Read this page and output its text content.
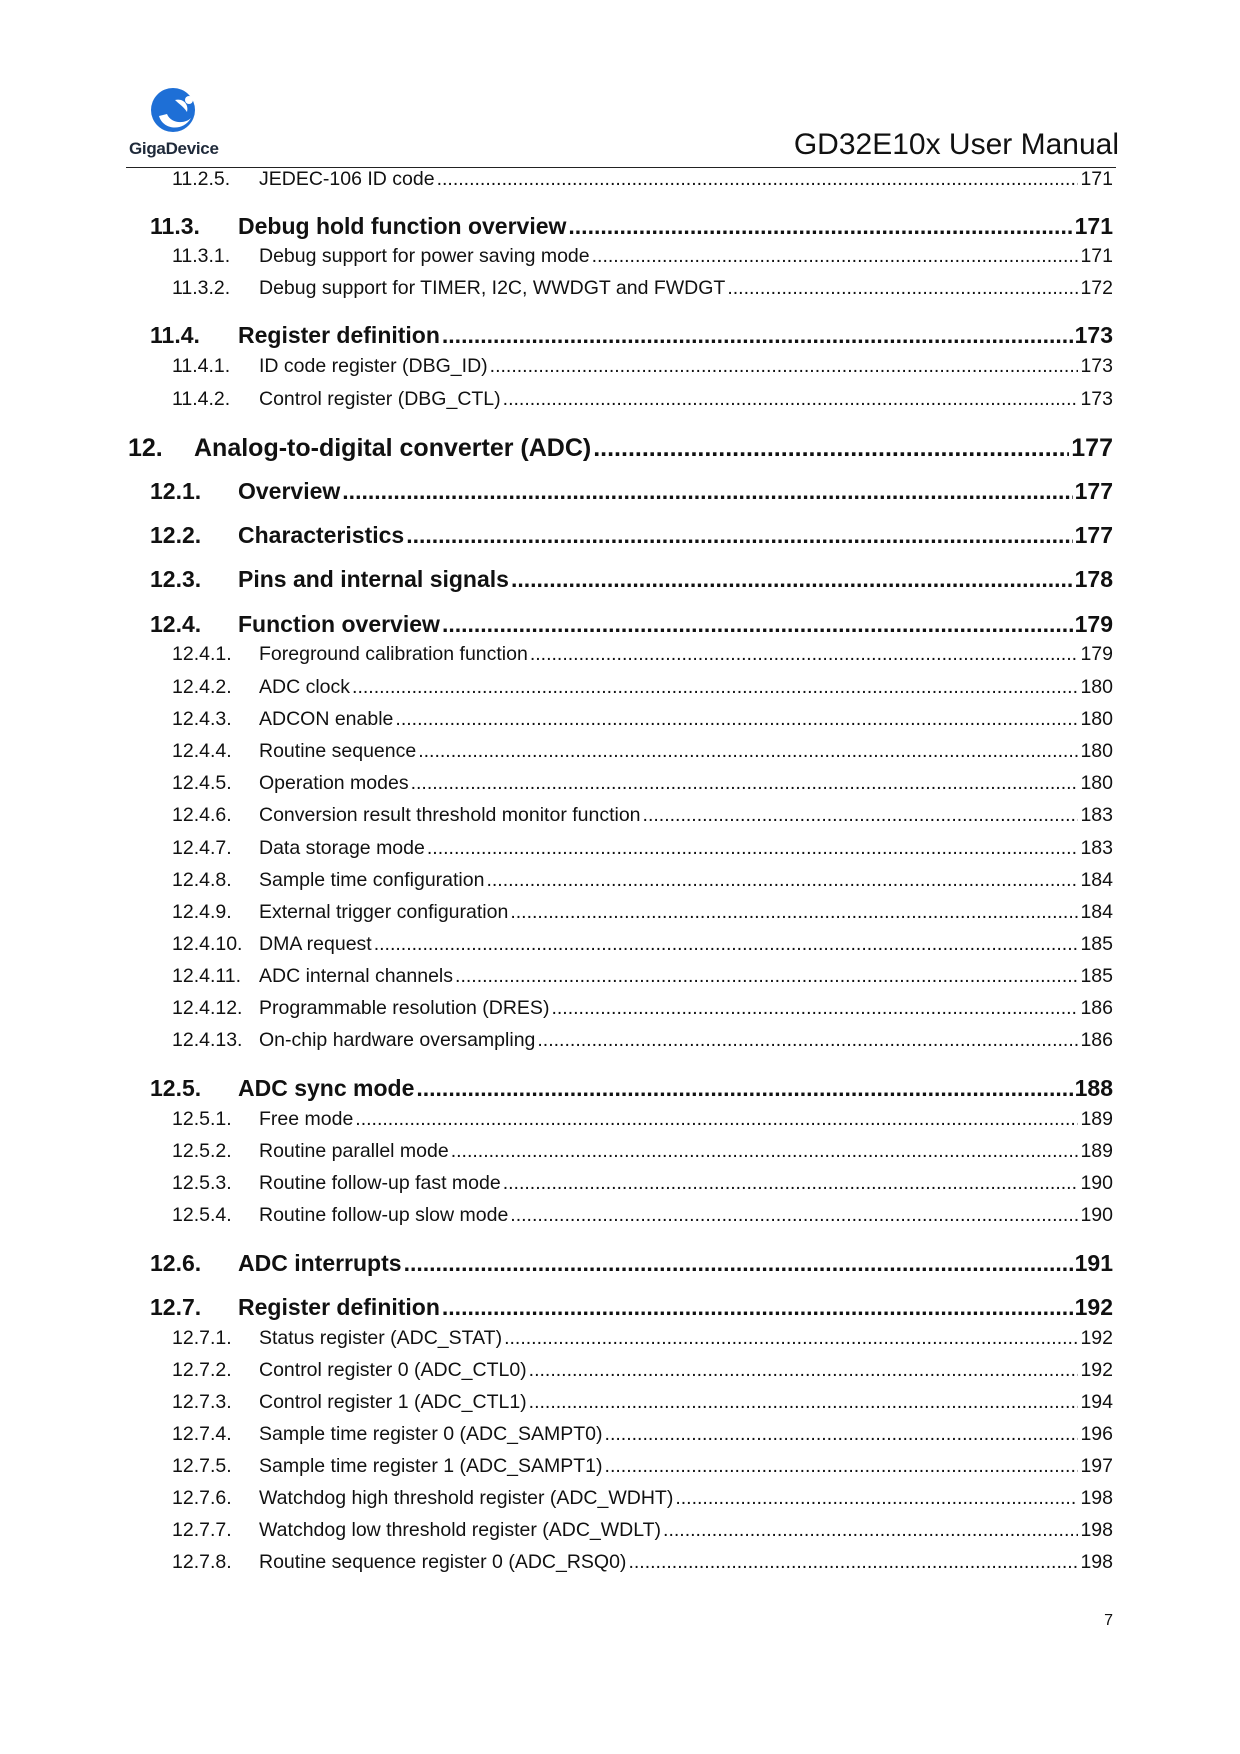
GigaDevice	GD32E10x User Manual
11.2.5.	JEDEC-106 ID code .....	171
11.3.	Debug hold function overview .....	171
11.3.1.	Debug support for power saving mode .....	171
11.3.2.	Debug support for TIMER, I2C, WWDGT and FWDGT .....	172
11.4.	Register definition .....	173
11.4.1.	ID code register (DBG_ID) .....	173
11.4.2.	Control register (DBG_CTL) .....	173
12.	Analog-to-digital converter (ADC) .....	177
12.1.	Overview .....	177
12.2.	Characteristics .....	177
12.3.	Pins and internal signals .....	178
12.4.	Function overview .....	179
12.4.1.	Foreground calibration function .....	179
12.4.2.	ADC clock .....	180
12.4.3.	ADCON enable .....	180
12.4.4.	Routine sequence .....	180
12.4.5.	Operation modes .....	180
12.4.6.	Conversion result threshold monitor function .....	183
12.4.7.	Data storage mode .....	183
12.4.8.	Sample time configuration .....	184
12.4.9.	External trigger configuration .....	184
12.4.10. DMA request .....	185
12.4.11. ADC internal channels .....	185
12.4.12. Programmable resolution (DRES) .....	186
12.4.13. On-chip hardware oversampling .....	186
12.5.	ADC sync mode .....	188
12.5.1.	Free mode .....	189
12.5.2.	Routine parallel mode .....	189
12.5.3.	Routine follow-up fast mode .....	190
12.5.4.	Routine follow-up slow mode .....	190
12.6.	ADC interrupts .....	191
12.7.	Register definition .....	192
12.7.1.	Status register (ADC_STAT) .....	192
12.7.2.	Control register 0 (ADC_CTL0) .....	192
12.7.3.	Control register 1 (ADC_CTL1) .....	194
12.7.4.	Sample time register 0 (ADC_SAMPT0) .....	196
12.7.5.	Sample time register 1 (ADC_SAMPT1) .....	197
12.7.6.	Watchdog high threshold register (ADC_WDHT) .....	198
12.7.7.	Watchdog low threshold register (ADC_WDLT) .....	198
12.7.8.	Routine sequence register 0 (ADC_RSQ0) .....	198
7
